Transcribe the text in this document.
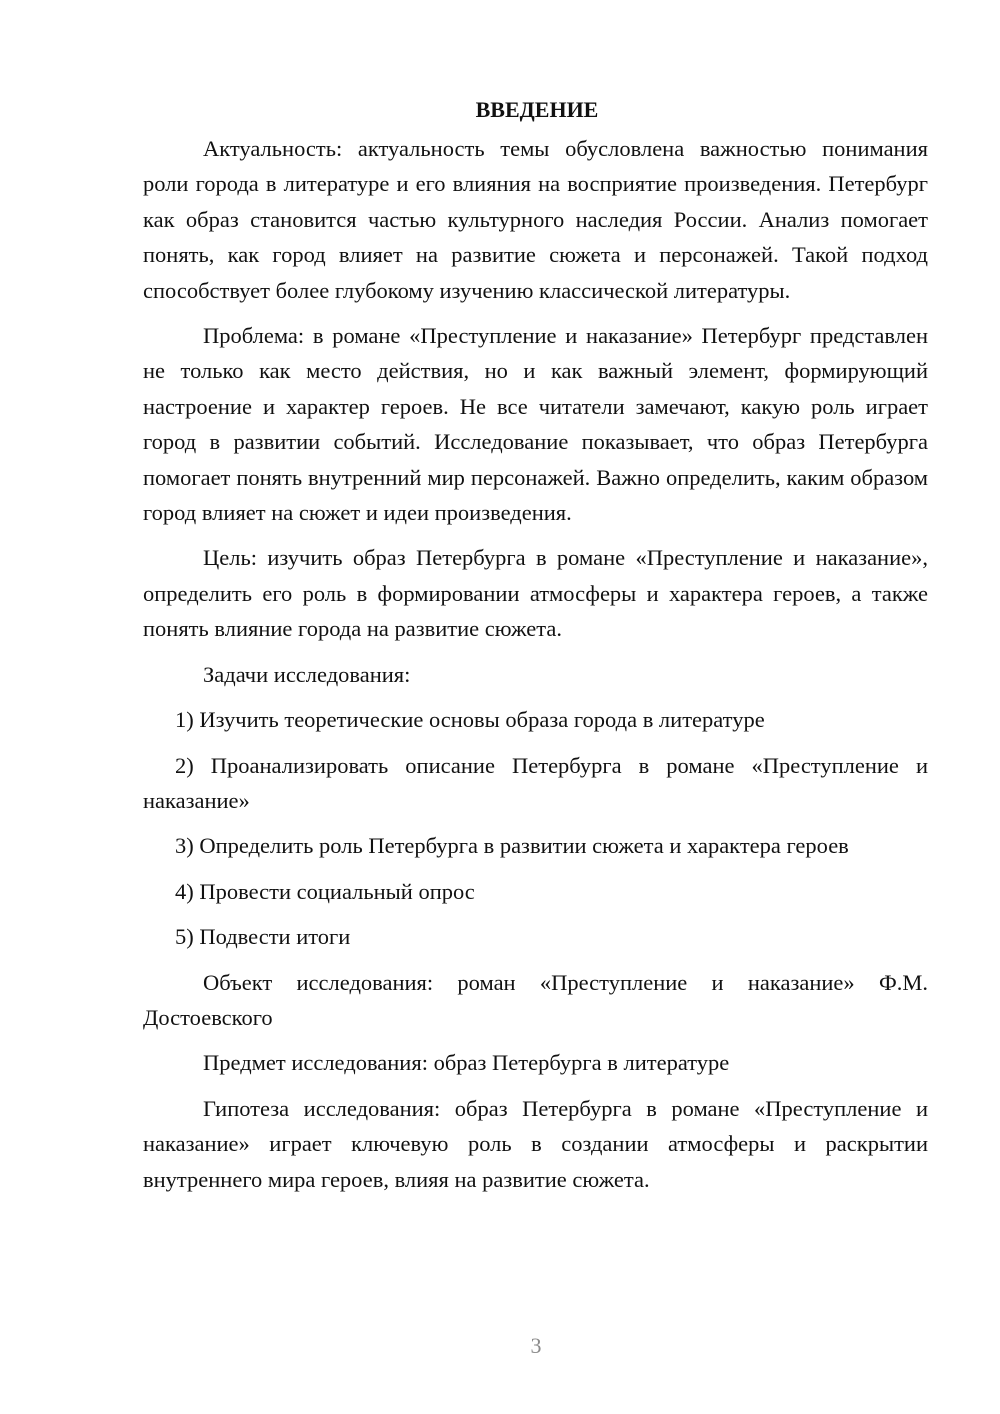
ВВЕДЕНИЕ

Актуальность: актуальность темы обусловлена важностью понимания роли города в литературе и его влияния на восприятие произведения. Петербург как образ становится частью культурного наследия России. Анализ помогает понять, как город влияет на развитие сюжета и персонажей. Такой подход способствует более глубокому изучению классической литературы.

Проблема: в романе «Преступление и наказание» Петербург представлен не только как место действия, но и как важный элемент, формирующий настроение и характер героев. Не все читатели замечают, какую роль играет город в развитии событий. Исследование показывает, что образ Петербурга помогает понять внутренний мир персонажей. Важно определить, каким образом город влияет на сюжет и идеи произведения.

Цель: изучить образ Петербурга в романе «Преступление и наказание», определить его роль в формировании атмосферы и характера героев, а также понять влияние города на развитие сюжета.

Задачи исследования:

1) Изучить теоретические основы образа города в литературе

2) Проанализировать описание Петербурга в романе «Преступление и наказание»

3) Определить роль Петербурга в развитии сюжета и характера героев

4) Провести социальный опрос

5) Подвести итоги

Объект исследования: роман «Преступление и наказание» Ф.М. Достоевского

Предмет исследования: образ Петербурга в литературе

Гипотеза исследования: образ Петербурга в романе «Преступление и наказание» играет ключевую роль в создании атмосферы и раскрытии внутреннего мира героев, влияя на развитие сюжета.

3
